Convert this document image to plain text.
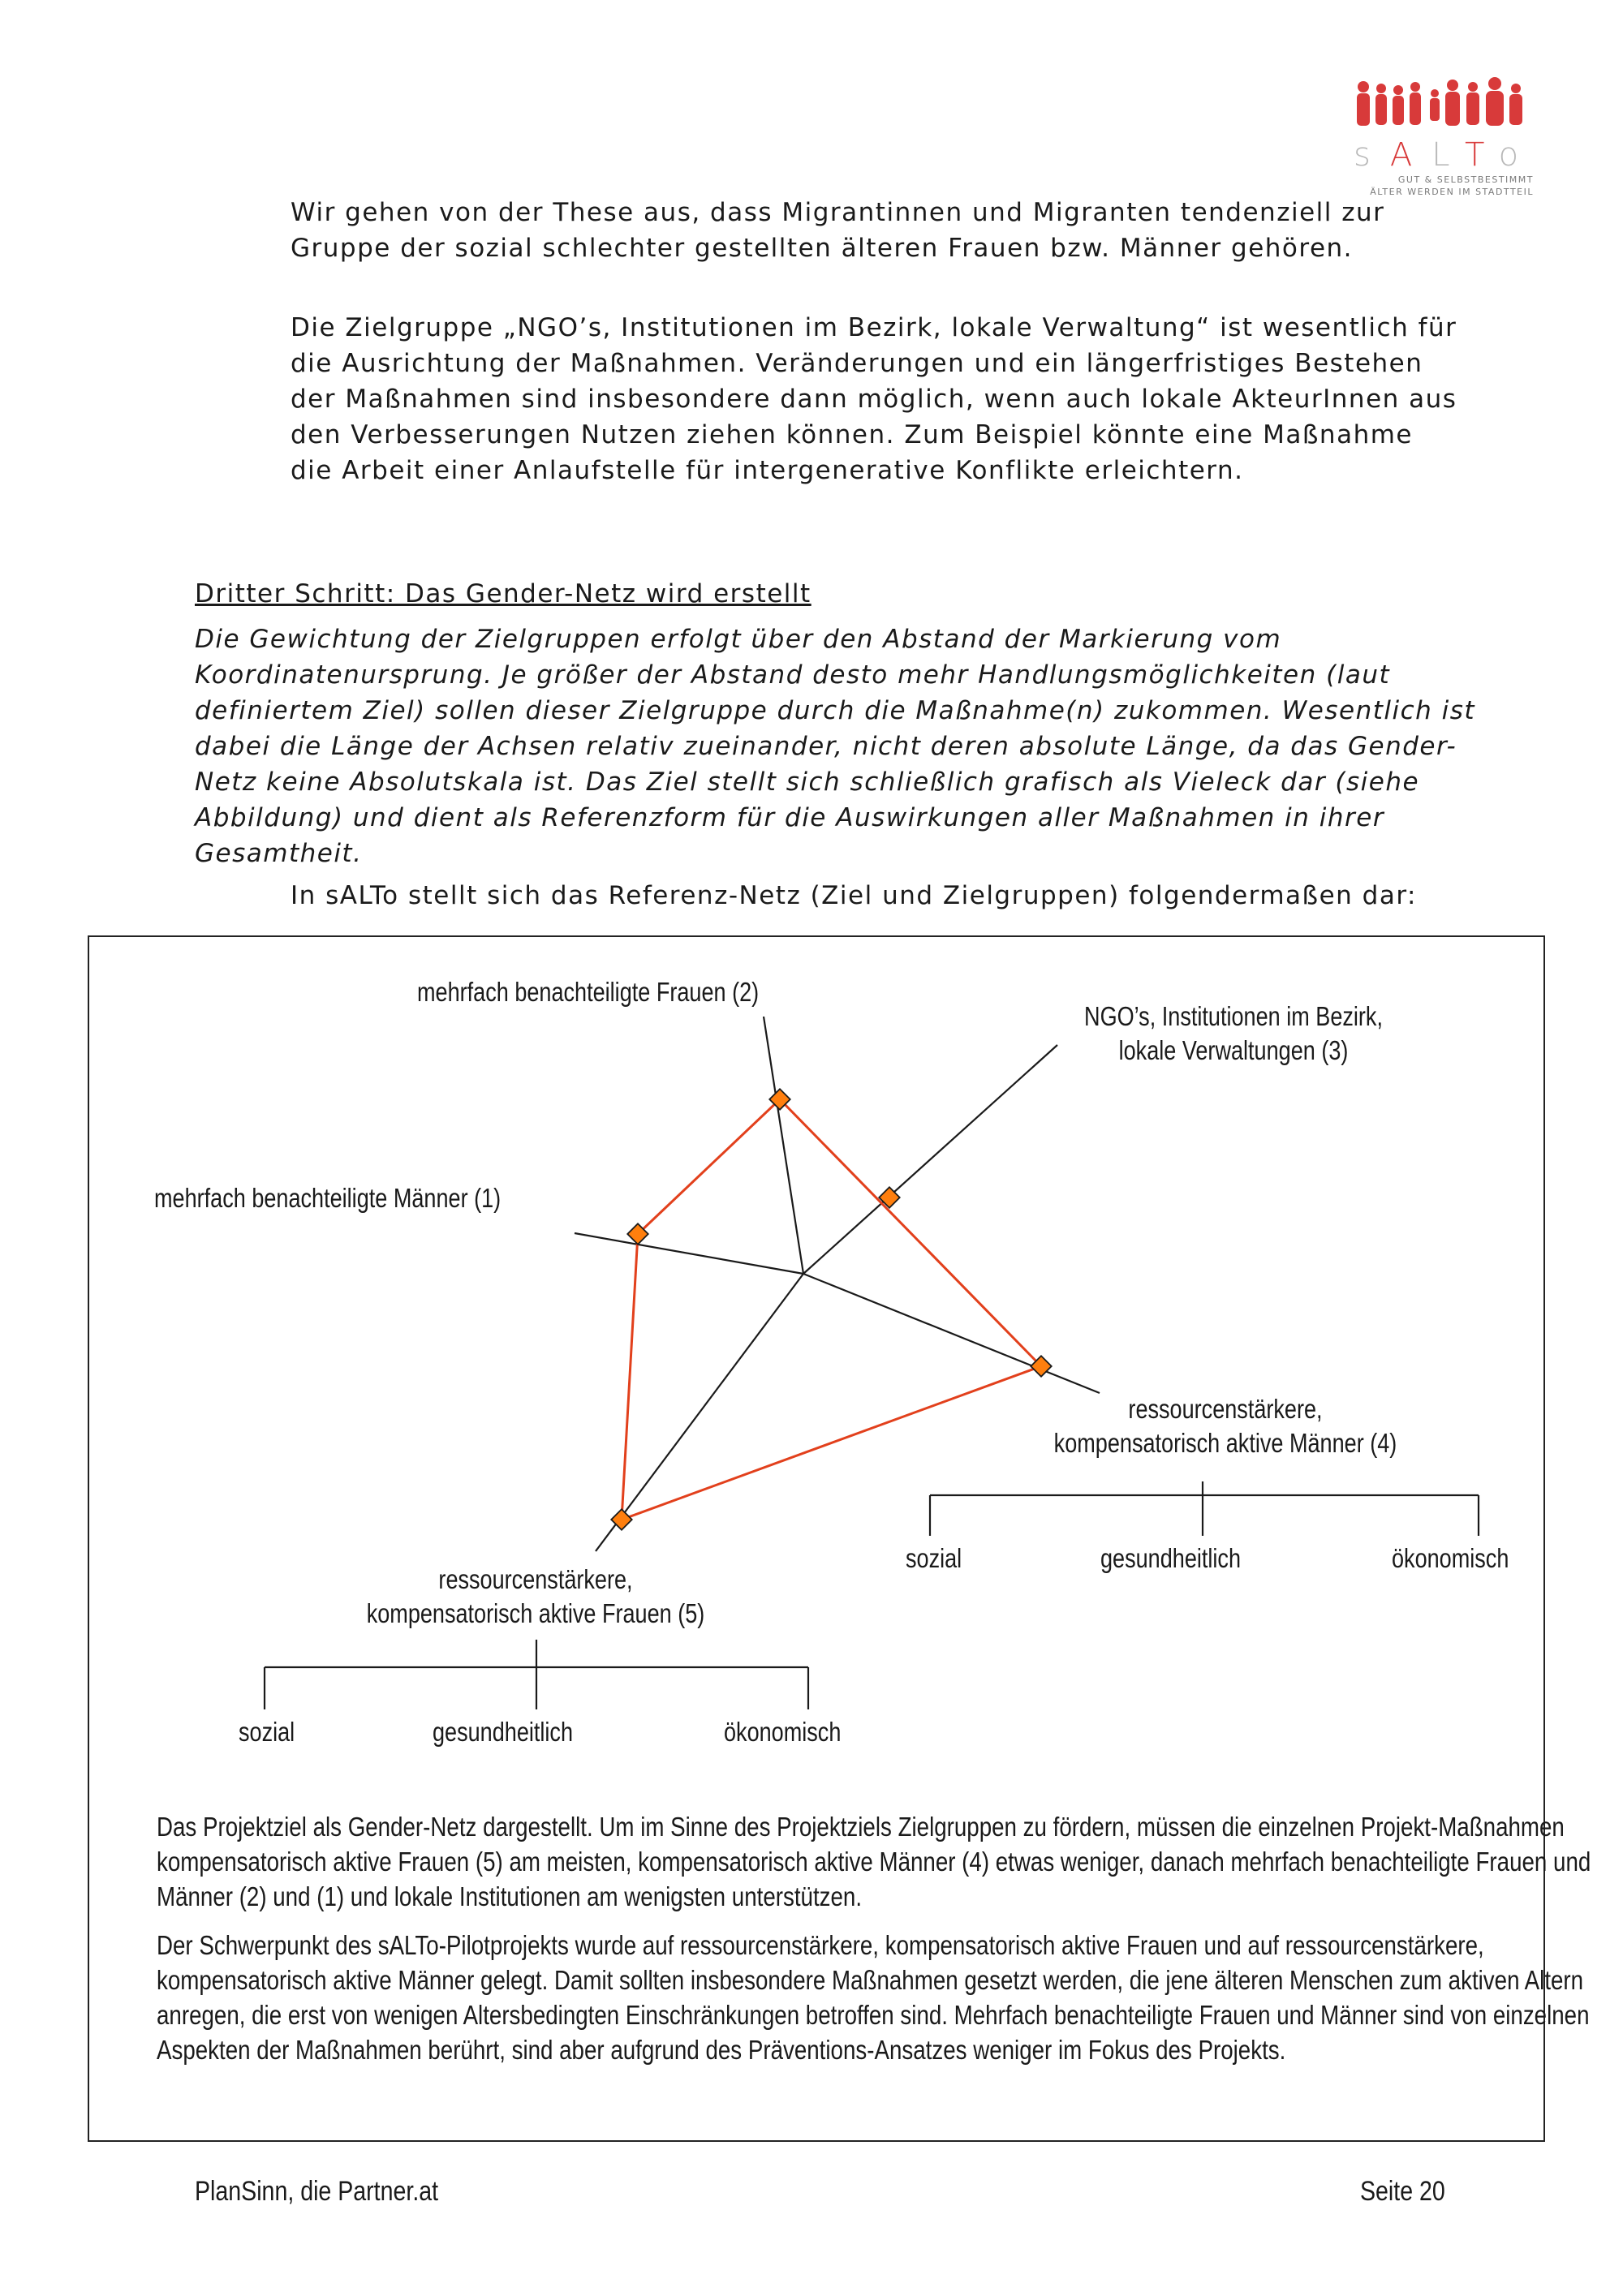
sALTo
GUT & SELBSTBESTIMMT
ÄLTER WERDEN IM STADTTEIL

Wir gehen von der These aus, dass Migrantinnen und Migranten tendenziell zur Gruppe der sozial schlechter gestellten älteren Frauen bzw. Männer gehören.

Die Zielgruppe „NGO’s, Institutionen im Bezirk, lokale Verwaltung“ ist wesentlich für die Ausrichtung der Maßnahmen. Veränderungen und ein längerfristiges Bestehen der Maßnahmen sind insbesondere dann möglich, wenn auch lokale AkteurInnen aus den Verbesserungen Nutzen ziehen können. Zum Beispiel könnte eine Maßnahme die Arbeit einer Anlaufstelle für intergenerative Konflikte erleichtern.

Dritter Schritt: Das Gender-Netz wird erstellt

Die Gewichtung der Zielgruppen erfolgt über den Abstand der Markierung vom Koordinatenursprung. Je größer der Abstand desto mehr Handlungsmöglichkeiten (laut definiertem Ziel) sollen dieser Zielgruppe durch die Maßnahme(n) zukommen. Wesentlich ist dabei die Länge der Achsen relativ zueinander, nicht deren absolute Länge, da das Gender-Netz keine Absolutskala ist. Das Ziel stellt sich schließlich grafisch als Vieleck dar (siehe Abbildung) und dient als Referenzform für die Auswirkungen aller Maßnahmen in ihrer Gesamtheit.

In sALTo stellt sich das Referenz-Netz (Ziel und Zielgruppen) folgendermaßen dar:

mehrfach benachteiligte Frauen (2)
NGO’s, Institutionen im Bezirk,
lokale Verwaltungen (3)
mehrfach benachteiligte Männer (1)
ressourcenstärkere,
kompensatorisch aktive Männer (4)
ressourcenstärkere,
kompensatorisch aktive Frauen (5)
sozial	gesundheitlich	ökonomisch
sozial	gesundheitlich	ökonomisch

Das Projektziel als Gender-Netz dargestellt. Um im Sinne des Projektziels Zielgruppen zu fördern, müssen die einzelnen Projekt-Maßnahmen kompensatorisch aktive Frauen (5) am meisten, kompensatorisch aktive Männer (4) etwas weniger, danach mehrfach benachteiligte Frauen und Männer (2) und (1) und lokale Institutionen am wenigsten unterstützen.

Der Schwerpunkt des sALTo-Pilotprojekts wurde auf ressourcenstärkere, kompensatorisch aktive Frauen und auf ressourcenstärkere, kompensatorisch aktive Männer gelegt. Damit sollten insbesondere Maßnahmen gesetzt werden, die jene älteren Menschen zum aktiven Altern anregen, die erst von wenigen Altersbedingten Einschränkungen betroffen sind. Mehrfach benachteiligte Frauen und Männer sind von einzelnen Aspekten der Maßnahmen berührt, sind aber aufgrund des Präventions-Ansatzes weniger im Fokus des Projekts.

PlanSinn, die Partner.at	Seite 20
